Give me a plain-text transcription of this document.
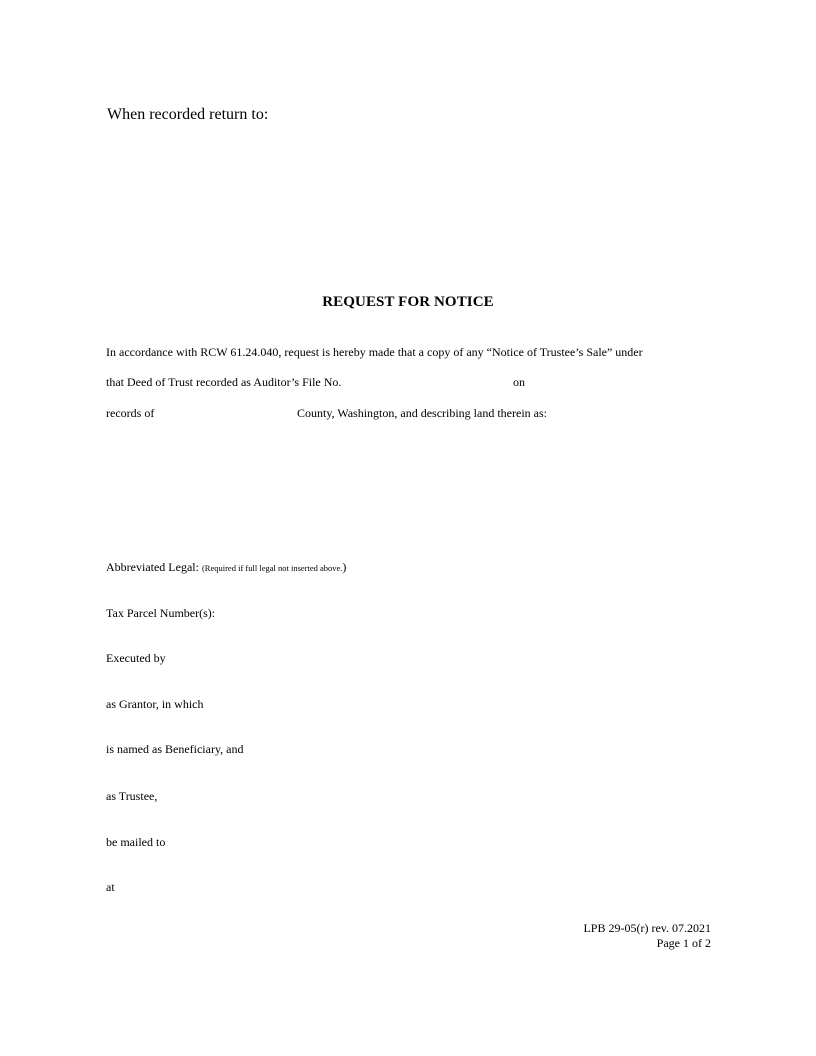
When recorded return to:
REQUEST FOR NOTICE
In accordance with RCW 61.24.040, request is hereby made that a copy of any “Notice of Trustee’s Sale” under
that Deed of Trust recorded as Auditor’s File No.	on
records of	County, Washington, and describing land therein as:
Abbreviated Legal: (Required if full legal not inserted above.)
Tax Parcel Number(s):
Executed by
as Grantor, in which
is named as Beneficiary, and
as Trustee,
be mailed to
at
LPB 29-05(r) rev. 07.2021
Page 1 of 2
